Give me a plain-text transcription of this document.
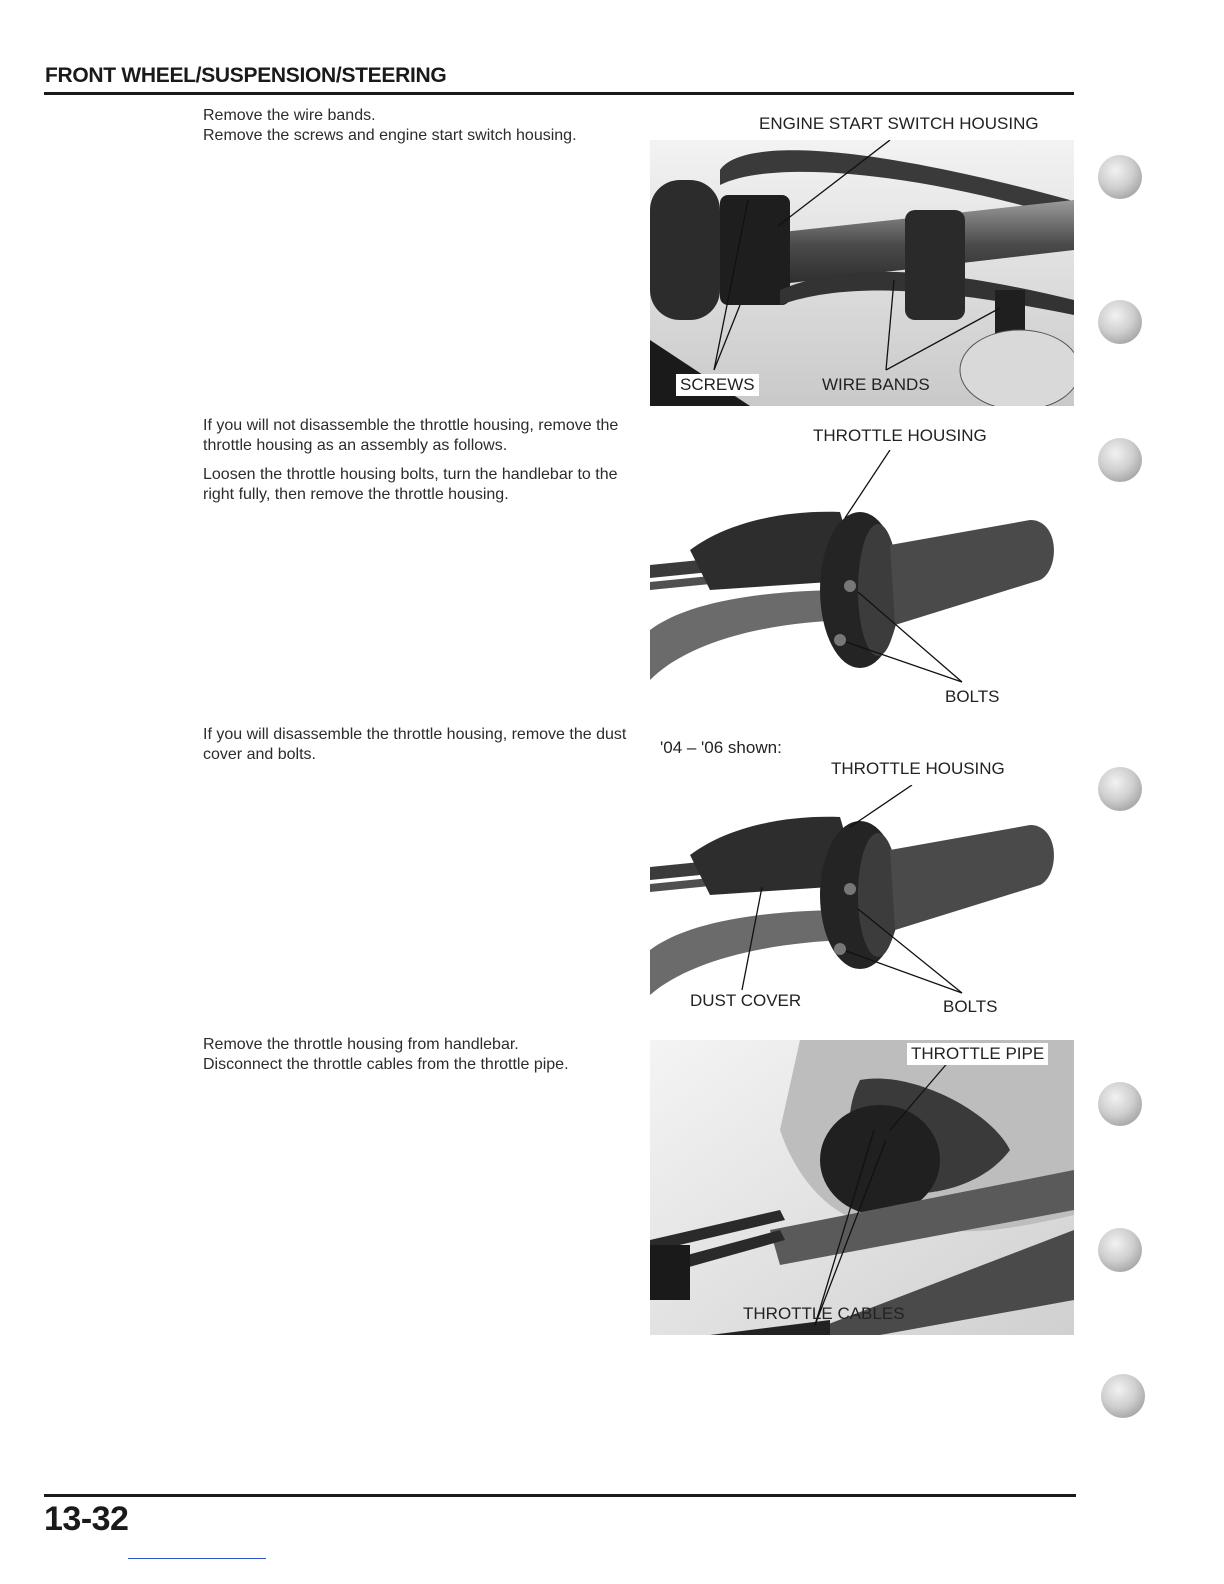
FRONT WHEEL/SUSPENSION/STEERING

Remove the wire bands.

Remove the screws and engine start switch housing.

ENGINE START SWITCH HOUSING
SCREWS	WIRE BANDS

If you will not disassemble the throttle housing, remove the throttle housing as an assembly as follows.

Loosen the throttle housing bolts, turn the handlebar to the right fully, then remove the throttle housing.

THROTTLE HOUSING
BOLTS

If you will disassemble the throttle housing, remove the dust cover and bolts.	'04 – '06 shown:
THROTTLE HOUSING
DUST COVER	BOLTS

Remove the throttle housing from handlebar.

Disconnect the throttle cables from the throttle pipe.

THROTTLE PIPE
THROTTLE CABLES
13-32
